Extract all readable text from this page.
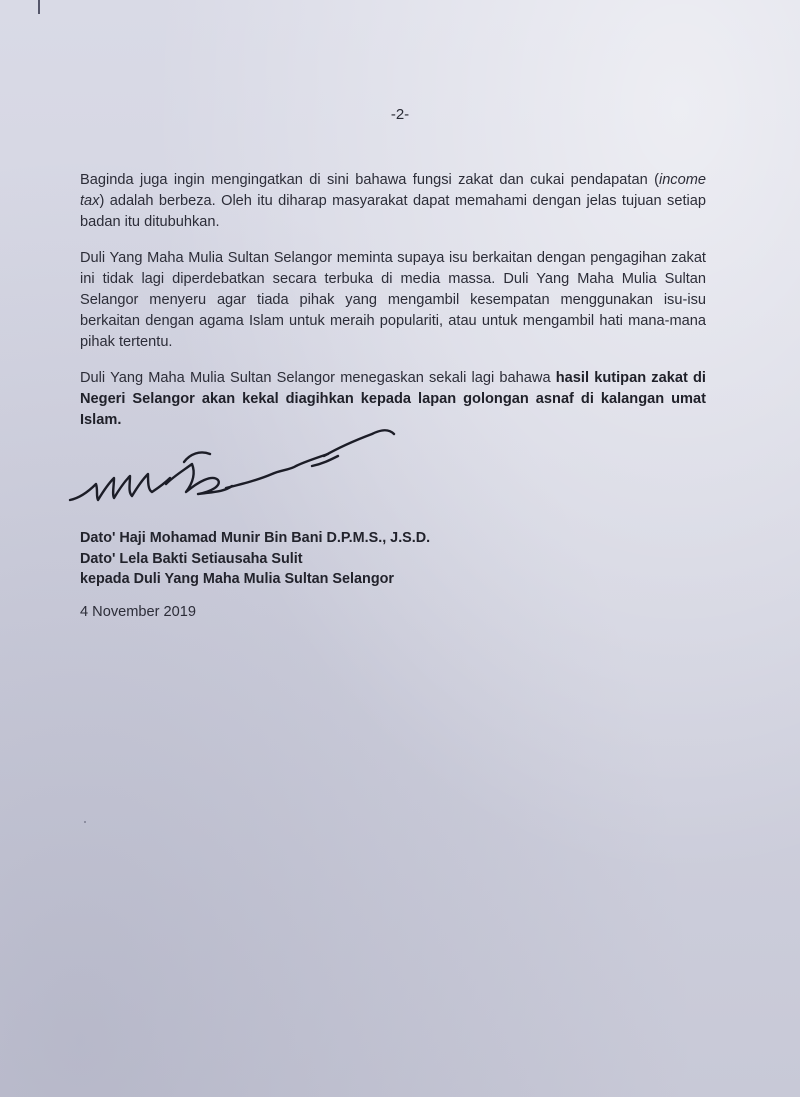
-2-

Baginda juga ingin mengingatkan di sini bahawa fungsi zakat dan cukai pendapatan (income tax) adalah berbeza. Oleh itu diharap masyarakat dapat memahami dengan jelas tujuan setiap badan itu ditubuhkan.

Duli Yang Maha Mulia Sultan Selangor meminta supaya isu berkaitan dengan pengagihan zakat ini tidak lagi diperdebatkan secara terbuka di media massa. Duli Yang Maha Mulia Sultan Selangor menyeru agar tiada pihak yang mengambil kesempatan menggunakan isu-isu berkaitan dengan agama Islam untuk meraih populariti, atau untuk mengambil hati mana-mana pihak tertentu.

Duli Yang Maha Mulia Sultan Selangor menegaskan sekali lagi bahawa hasil kutipan zakat di Negeri Selangor akan kekal diagihkan kepada lapan golongan asnaf di kalangan umat Islam.

Dato' Haji Mohamad Munir Bin Bani D.P.M.S., J.S.D.
Dato' Lela Bakti Setiausaha Sulit
kepada Duli Yang Maha Mulia Sultan Selangor
4 November 2019
